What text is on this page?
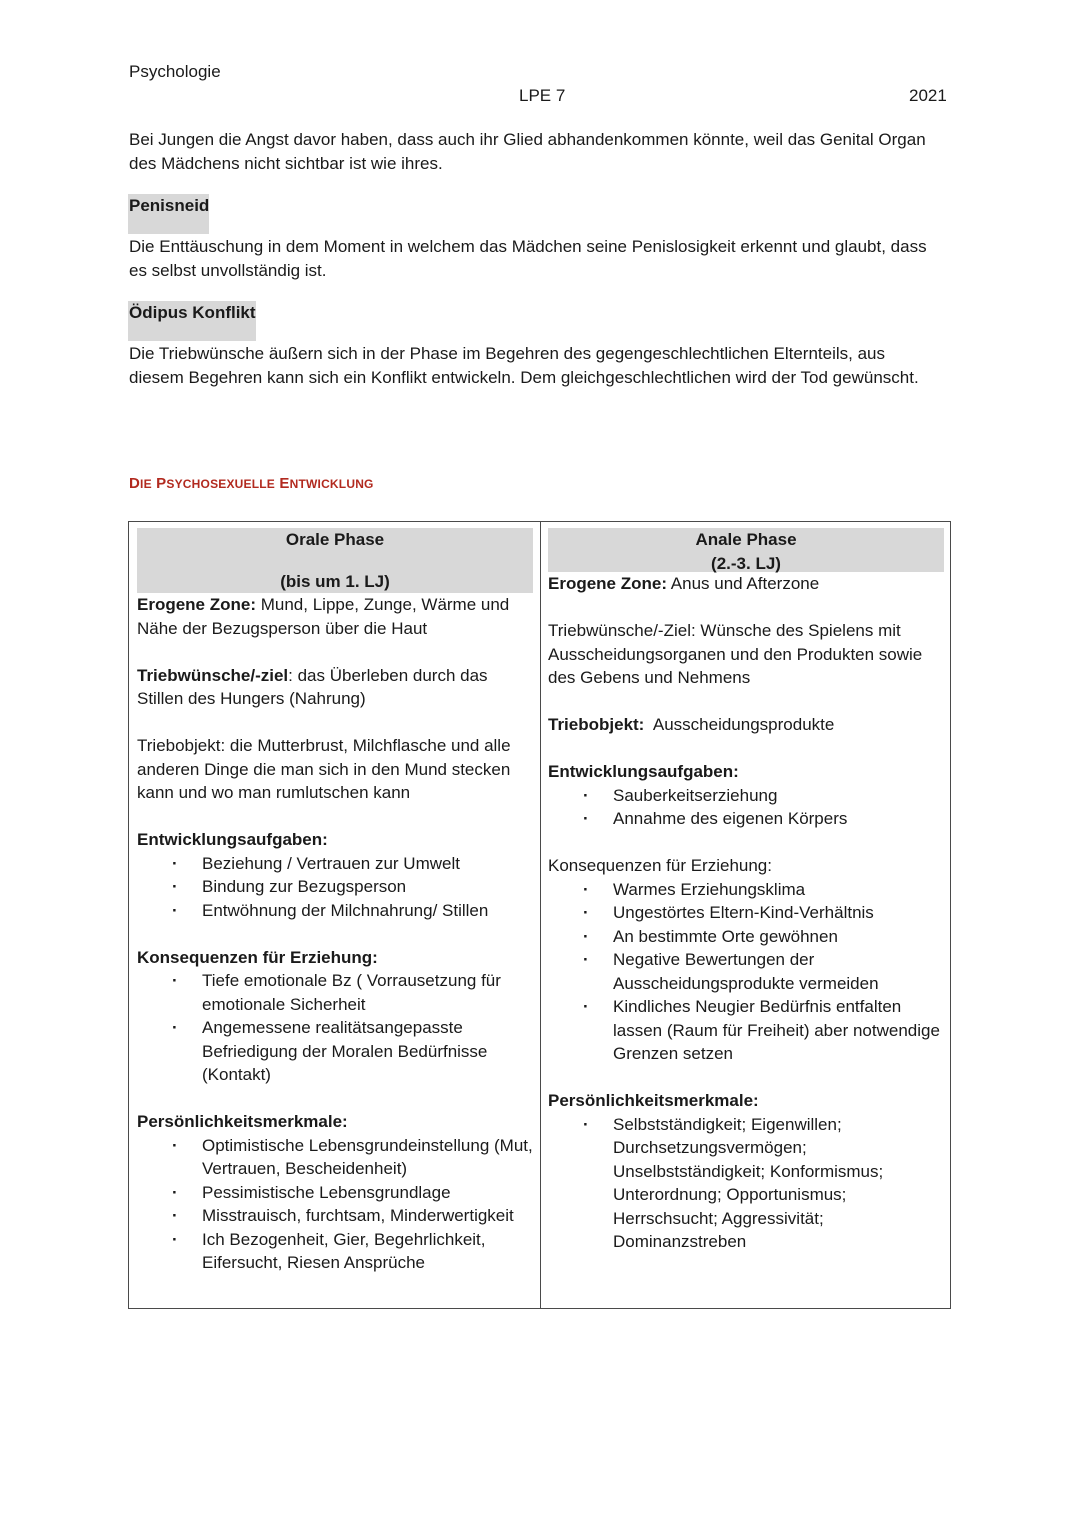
Psychologie
LPE 7	2021

Bei Jungen die Angst davor haben, dass auch ihr Glied abhandenkommen könnte, weil das Genital Organ des Mädchens nicht sichtbar ist wie ihres.

Penisneid

Die Enttäuschung in dem Moment in welchem das Mädchen seine Penislosigkeit erkennt und glaubt, dass es selbst unvollständig ist.

Ödipus Konflikt

Die Triebwünsche äußern sich in der Phase im Begehren des gegengeschlechtlichen Elternteils, aus diesem Begehren kann sich ein Konflikt entwickeln. Dem gleichgeschlechtlichen wird der Tod gewünscht.

DIE PSYCHOSEXUELLE ENTWICKLUNG
Orale Phase
(bis um 1. LJ)

Erogene Zone: Mund, Lippe, Zunge, Wärme und Nähe der Bezugsperson über die Haut

Triebwünsche/-ziel: das Überleben durch das Stillen des Hungers (Nahrung)

Triebobjekt: die Mutterbrust, Milchflasche und alle anderen Dinge die man sich in den Mund stecken kann und wo man rumlutschen kann

Entwicklungsaufgaben:

· Beziehung / Vertrauen zur Umwelt
· Bindung zur Bezugsperson
· Entwöhnung der Milchnahrung/ Stillen

Konsequenzen für Erziehung:

· Tiefe emotionale Bz ( Vorrausetzung für emotionale Sicherheit
· Angemessene realitätsangepasste Befriedigung der Moralen Bedürfnisse (Kontakt)

Persönlichkeitsmerkmale:

· Optimistische Lebensgrundeinstellung (Mut, Vertrauen, Bescheidenheit)
· Pessimistische Lebensgrundlage
· Misstrauisch, furchtsam, Minderwertigkeit
· Ich Bezogenheit, Gier, Begehrlichkeit, Eifersucht, Riesen Ansprüche
Anale Phase
(2.-3. LJ)

Erogene Zone: Anus und Afterzone

Triebwünsche/-Ziel: Wünsche des Spielens mit Ausscheidungsorganen und den Produkten sowie des Gebens und Nehmens

Triebobjekt:  Ausscheidungsprodukte

Entwicklungsaufgaben:

· Sauberkeitserziehung
· Annahme des eigenen Körpers

Konsequenzen für Erziehung:

· Warmes Erziehungsklima
· Ungestörtes Eltern-Kind-Verhältnis
· An bestimmte Orte gewöhnen
· Negative Bewertungen der Ausscheidungsprodukte vermeiden
· Kindliches Neugier Bedürfnis entfalten lassen (Raum für Freiheit) aber notwendige Grenzen setzen

Persönlichkeitsmerkmale:

· Selbstständigkeit; Eigenwillen; Durchsetzungsvermögen; Unselbstständigkeit; Konformismus; Unterordnung; Opportunismus; Herrschsucht; Aggressivität; Dominanzstreben
